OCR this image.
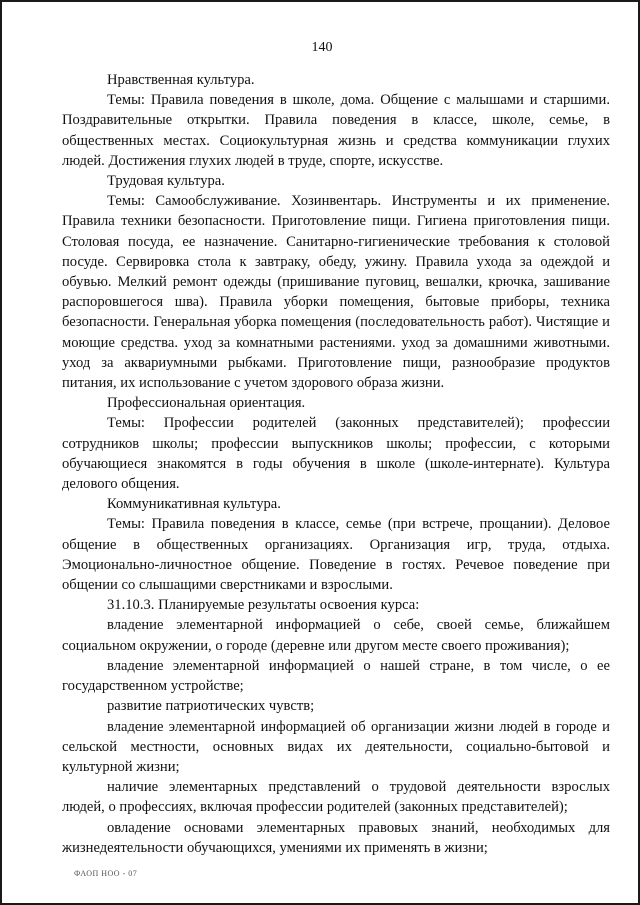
140

Нравственная культура.

Темы: Правила поведения в школе, дома. Общение с малышами и старшими. Поздравительные открытки. Правила поведения в классе, школе, семье, в общественных местах. Социокультурная жизнь и средства коммуникации глухих людей. Достижения глухих людей в труде, спорте, искусстве.

Трудовая культура.

Темы: Самообслуживание. Хозинвентарь. Инструменты и их применение. Правила техники безопасности. Приготовление пищи. Гигиена приготовления пищи. Столовая посуда, ее назначение. Санитарно-гигиенические требования к столовой посуде. Сервировка стола к завтраку, обеду, ужину. Правила ухода за одеждой и обувью. Мелкий ремонт одежды (пришивание пуговиц, вешалки, крючка, зашивание распоровшегося шва). Правила уборки помещения, бытовые приборы, техника безопасности. Генеральная уборка помещения (последовательность работ). Чистящие и моющие средства. уход за комнатными растениями. уход за домашними животными. уход за аквариумными рыбками. Приготовление пищи, разнообразие продуктов питания, их использование с учетом здорового образа жизни.

Профессиональная ориентация.

Темы: Профессии родителей (законных представителей); профессии сотрудников школы; профессии выпускников школы; профессии, с которыми обучающиеся знакомятся в годы обучения в школе (школе-интернате). Культура делового общения.

Коммуникативная культура.

Темы: Правила поведения в классе, семье (при встрече, прощании). Деловое общение в общественных организациях. Организация игр, труда, отдыха. Эмоционально-личностное общение. Поведение в гостях. Речевое поведение при общении со слышащими сверстниками и взрослыми.

31.10.3. Планируемые результаты освоения курса:

владение элементарной информацией о себе, своей семье, ближайшем социальном окружении, о городе (деревне или другом месте своего проживания);

владение элементарной информацией о нашей стране, в том числе, о ее государственном устройстве;

развитие патриотических чувств;

владение элементарной информацией об организации жизни людей в городе и сельской местности, основных видах их деятельности, социально-бытовой и культурной жизни;

наличие элементарных представлений о трудовой деятельности взрослых людей, о профессиях, включая профессии родителей (законных представителей);

овладение основами элементарных правовых знаний, необходимых для жизнедеятельности обучающихся, умениями их применять в жизни;

ФАОП НОО - 07
